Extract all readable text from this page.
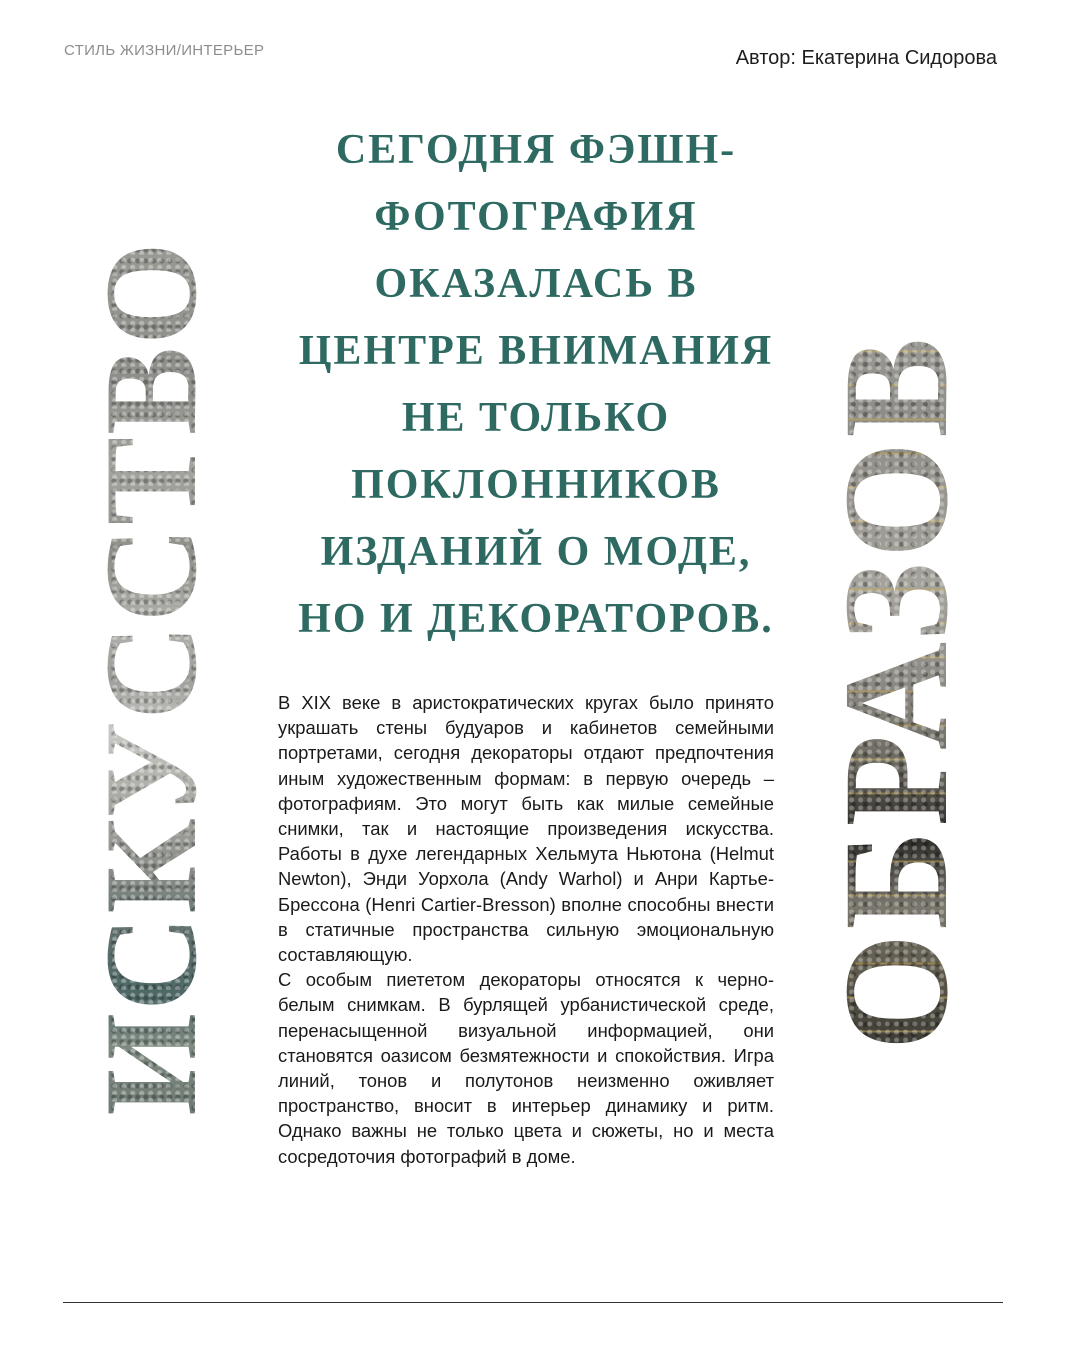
СТИЛЬ ЖИЗНИ/ИНТЕРЬЕР	Автор: Екатерина Сидорова
ИСКУССТВО	ОБРАЗОВ
СЕГОДНЯ ФЭШН-
ФОТОГРАФИЯ
ОКАЗАЛАСЬ В
ЦЕНТРЕ ВНИМАНИЯ
НЕ ТОЛЬКО
ПОКЛОННИКОВ
ИЗДАНИЙ О МОДЕ,
НО И ДЕКОРАТОРОВ.

В XIX веке в аристократических кругах было принято украшать стены будуаров и кабинетов семейными портретами, сегодня декораторы отдают предпочтения иным художественным формам: в первую очередь – фотографиям. Это могут быть как милые семейные снимки, так и настоящие произведения искусства. Работы в духе легендарных Хельмута Ньютона (Helmut Newton), Энди Уорхола (Andy Warhol) и Анри Картье-Брессона (Henri Cartier-Bresson) вполне способны внести в статичные пространства сильную эмоциональную составляющую.

С особым пиететом декораторы относятся к черно-белым снимкам. В бурлящей урбанистической среде, перенасыщенной визуальной информацией, они становятся оазисом безмятежности и спокойствия. Игра линий, тонов и полутонов неизменно оживляет пространство, вносит в интерьер динамику и ритм. Однако важны не только цвета и сюжеты, но и места сосредоточия фотографий в доме.
